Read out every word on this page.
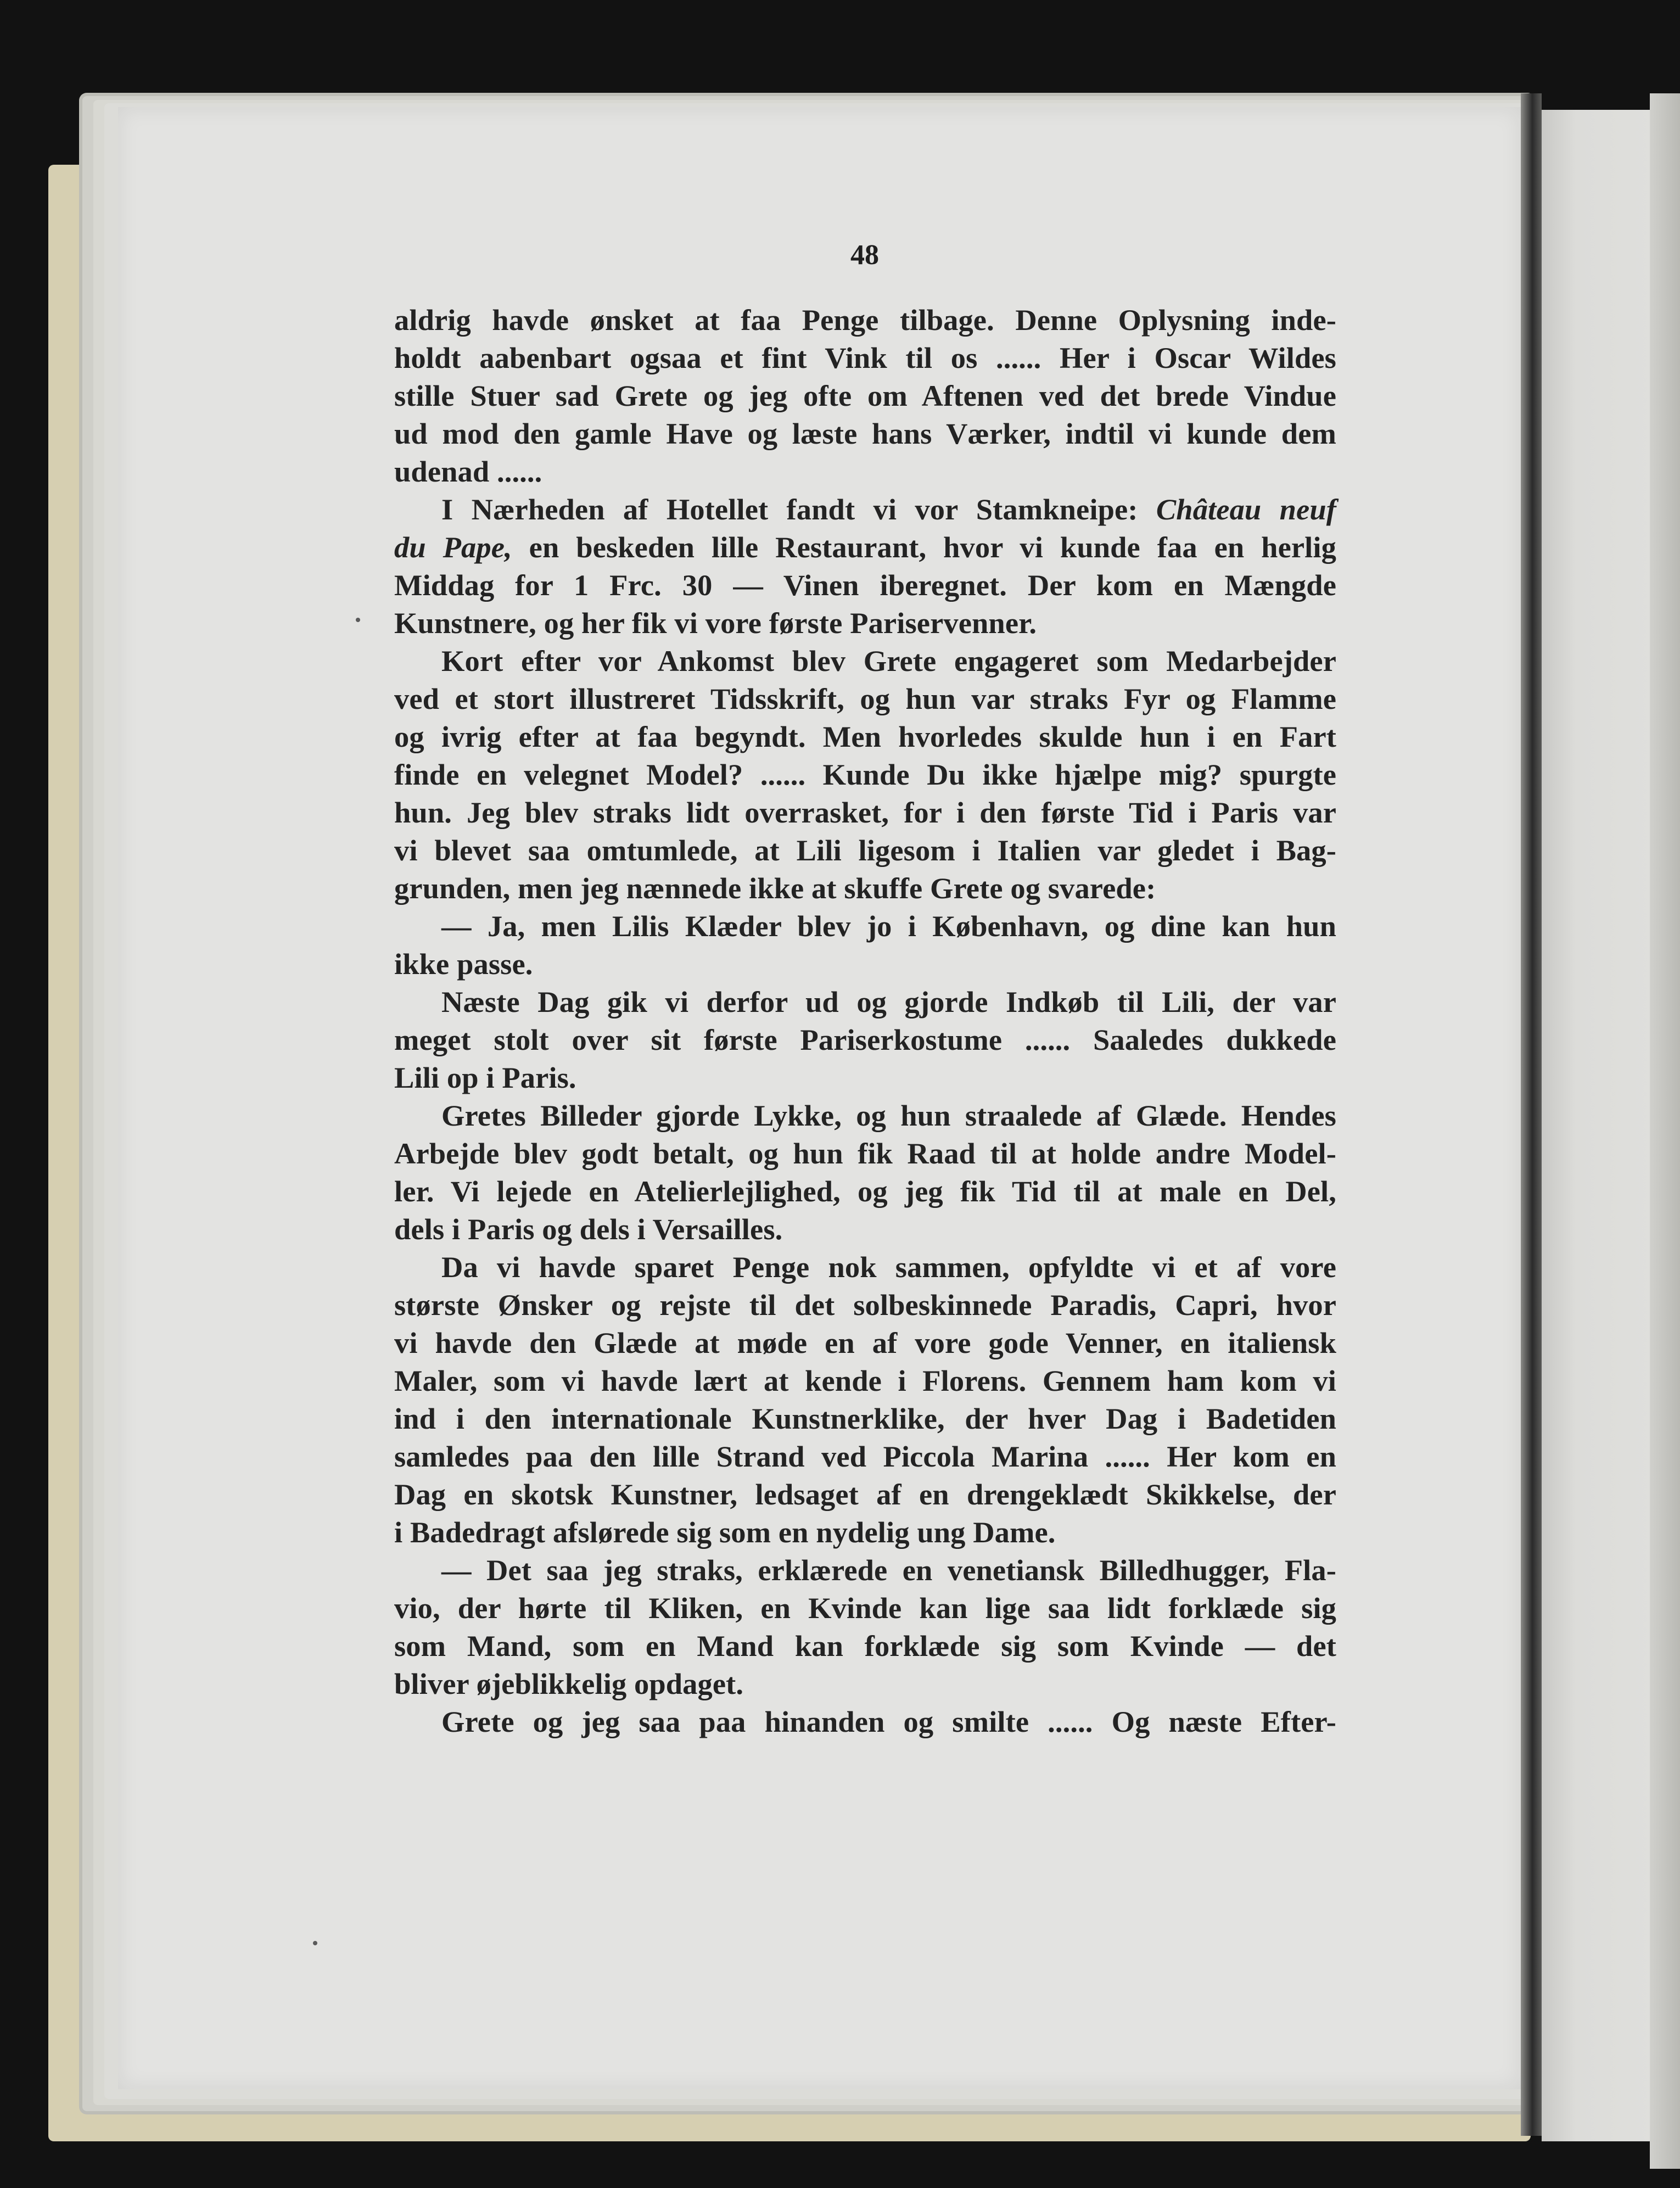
48
aldrig havde ønsket at faa Penge tilbage. Denne Oplysning inde-
holdt aabenbart ogsaa et fint Vink til os ...... Her i Oscar Wildes
stille Stuer sad Grete og jeg ofte om Aftenen ved det brede Vindue
ud mod den gamle Have og læste hans Værker, indtil vi kunde dem
udenad ......
I Nærheden af Hotellet fandt vi vor Stamkneipe: Château neuf
du Pape, en beskeden lille Restaurant, hvor vi kunde faa en herlig
Middag for 1 Frc. 30 — Vinen iberegnet. Der kom en Mængde
Kunstnere, og her fik vi vore første Pariservenner.
Kort efter vor Ankomst blev Grete engageret som Medarbejder
ved et stort illustreret Tidsskrift, og hun var straks Fyr og Flamme
og ivrig efter at faa begyndt. Men hvorledes skulde hun i en Fart
finde en velegnet Model? ...... Kunde Du ikke hjælpe mig? spurgte
hun. Jeg blev straks lidt overrasket, for i den første Tid i Paris var
vi blevet saa omtumlede, at Lili ligesom i Italien var gledet i Bag-
grunden, men jeg nænnede ikke at skuffe Grete og svarede:
— Ja, men Lilis Klæder blev jo i København, og dine kan hun
ikke passe.
Næste Dag gik vi derfor ud og gjorde Indkøb til Lili, der var
meget stolt over sit første Pariserkostume ...... Saaledes dukkede
Lili op i Paris.
Gretes Billeder gjorde Lykke, og hun straalede af Glæde. Hendes
Arbejde blev godt betalt, og hun fik Raad til at holde andre Model-
ler. Vi lejede en Atelierlejlighed, og jeg fik Tid til at male en Del,
dels i Paris og dels i Versailles.
Da vi havde sparet Penge nok sammen, opfyldte vi et af vore
største Ønsker og rejste til det solbeskinnede Paradis, Capri, hvor
vi havde den Glæde at møde en af vore gode Venner, en italiensk
Maler, som vi havde lært at kende i Florens. Gennem ham kom vi
ind i den internationale Kunstnerklike, der hver Dag i Badetiden
samledes paa den lille Strand ved Piccola Marina ...... Her kom en
Dag en skotsk Kunstner, ledsaget af en drengeklædt Skikkelse, der
i Badedragt afslørede sig som en nydelig ung Dame.
— Det saa jeg straks, erklærede en venetiansk Billedhugger, Fla-
vio, der hørte til Kliken, en Kvinde kan lige saa lidt forklæde sig
som Mand, som en Mand kan forklæde sig som Kvinde — det
bliver øjeblikkelig opdaget.
Grete og jeg saa paa hinanden og smilte ...... Og næste Efter-
